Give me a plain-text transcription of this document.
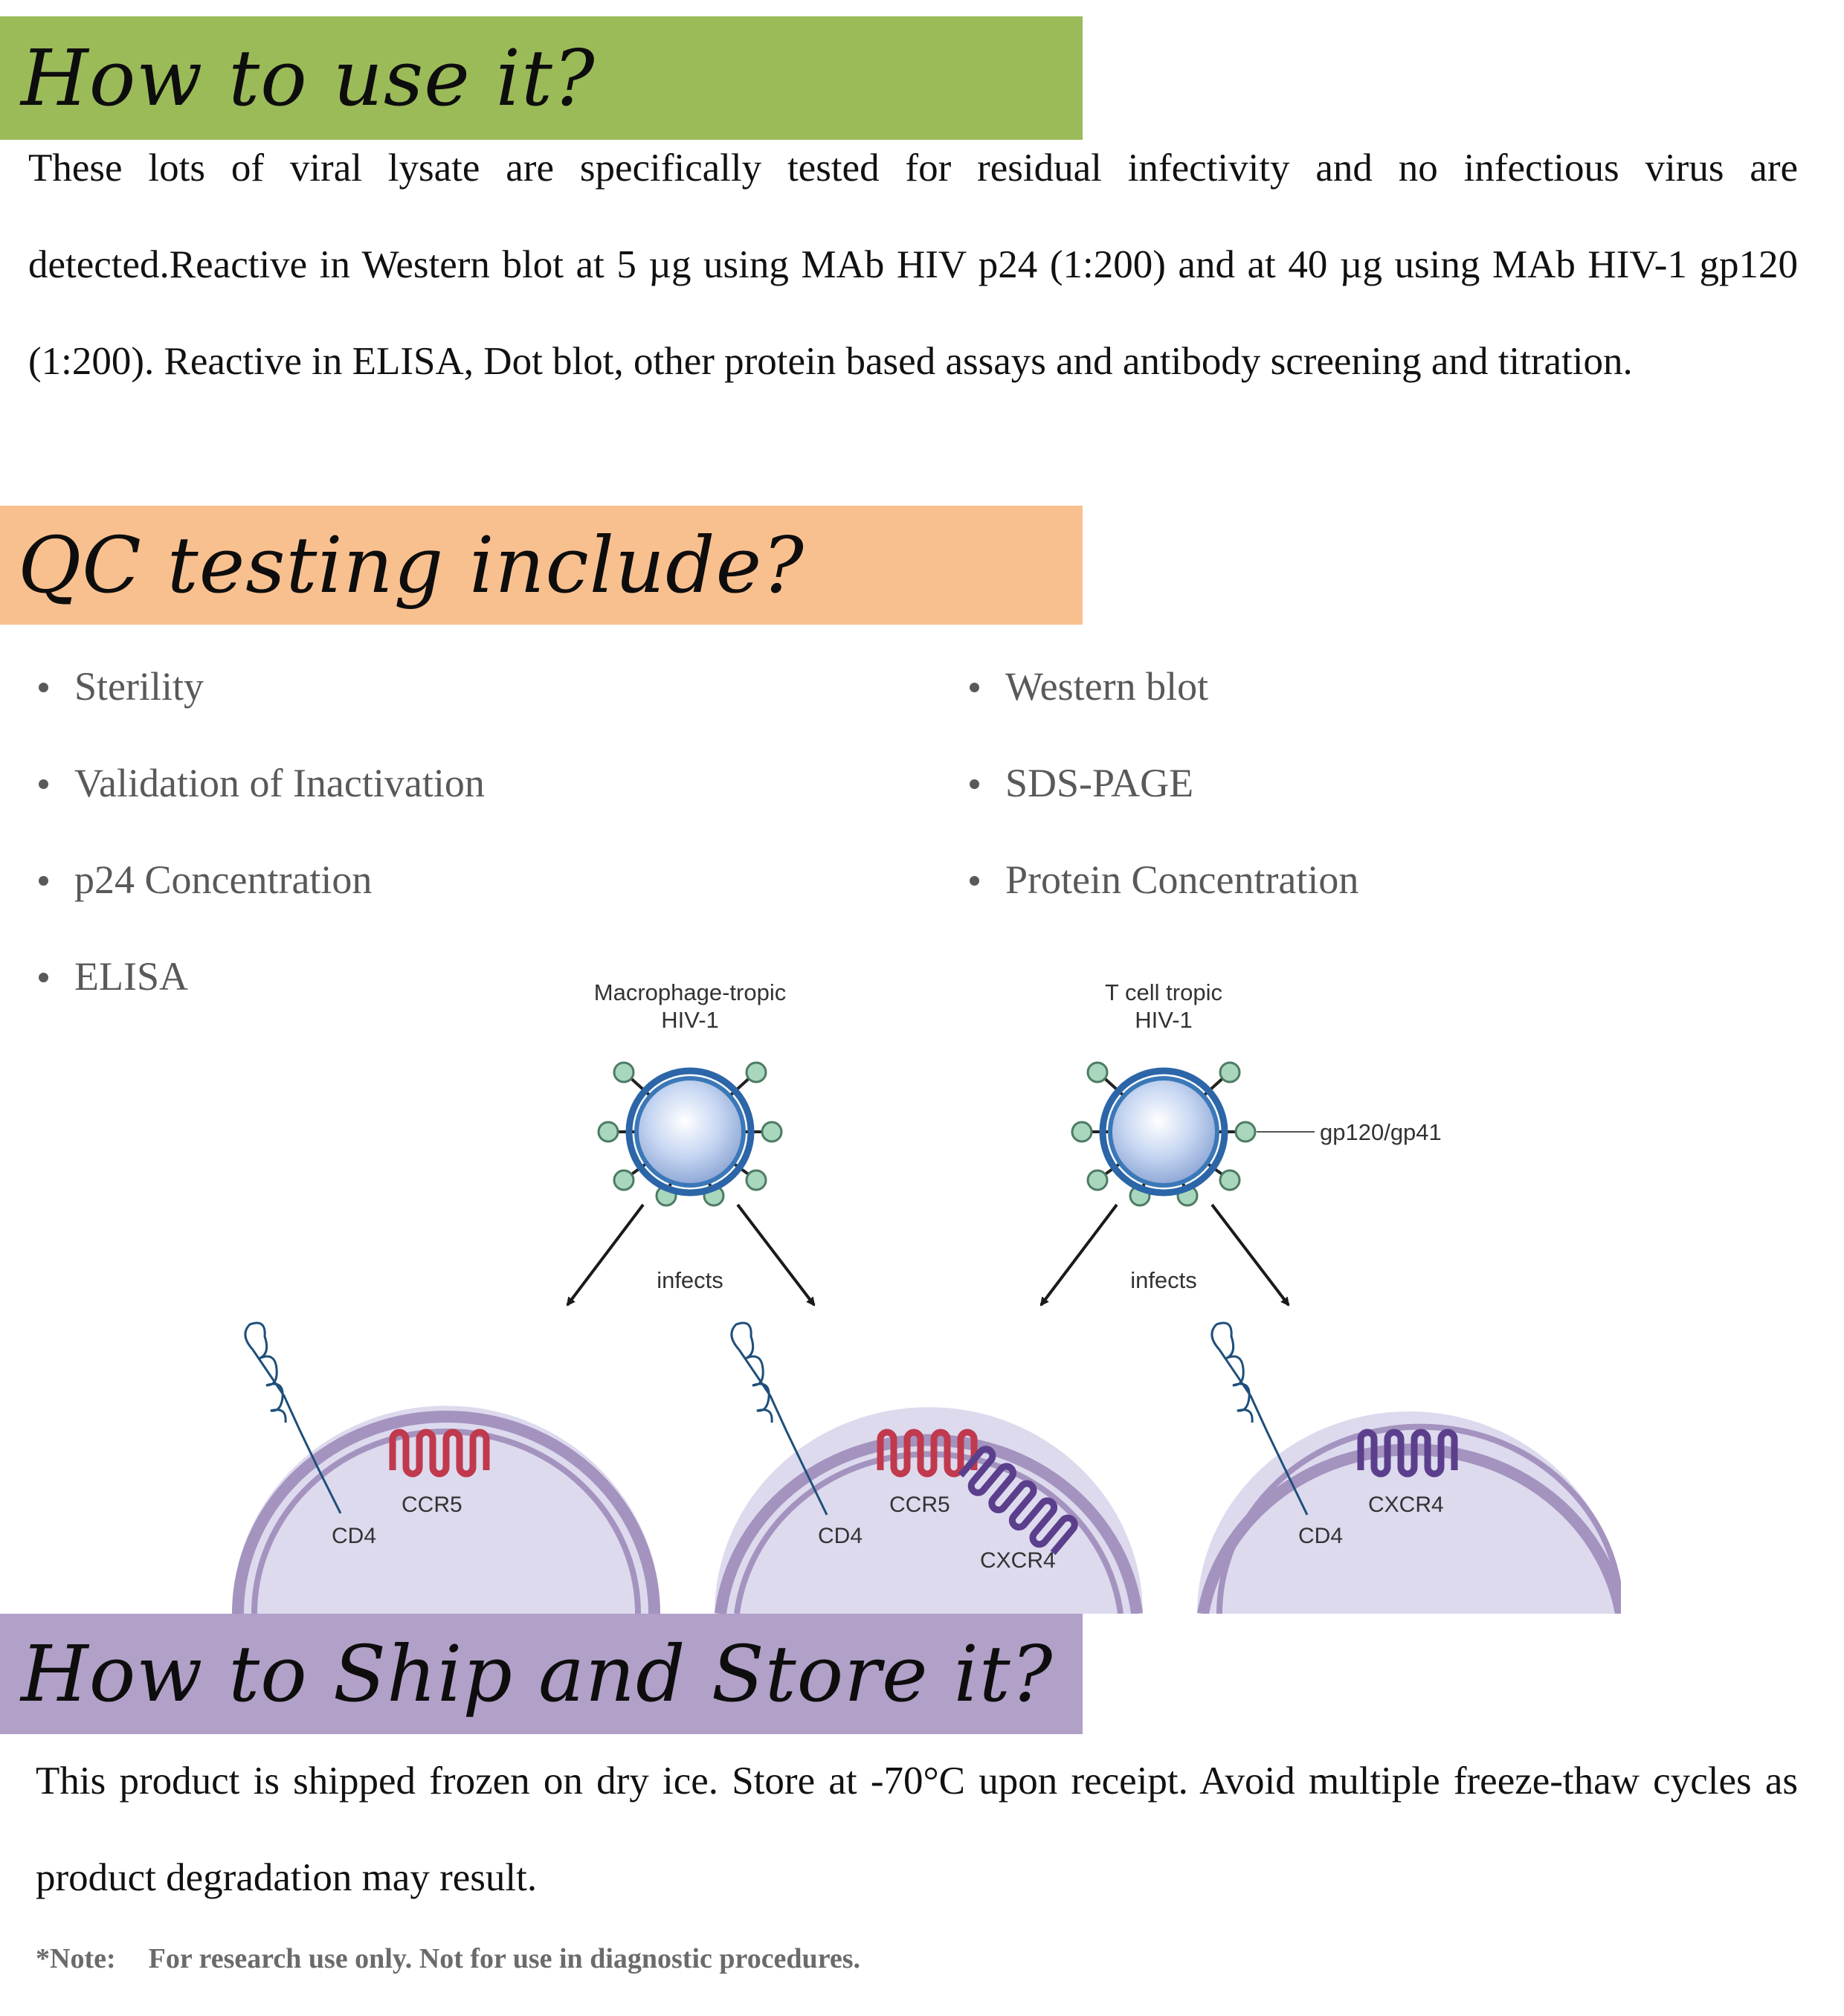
How to use it?

These lots of viral lysate are specifically tested for residual infectivity and no infectious virus are detected.Reactive in Western blot at 5 µg using MAb HIV p24 (1:200) and at 40 µg using MAb HIV-1 gp120 (1:200). Reactive in ELISA, Dot blot, other protein based assays and antibody screening and titration.

QC testing include?
Sterility
Validation of Inactivation
p24 Concentration
ELISA
Western blot
SDS-PAGE
Protein Concentration
Macrophage-tropic
HIV-1
T cell tropic
HIV-1
gp120/gp41
infects	infects
CD4
CCR5
CD4
CCR5
CXCR4
CD4
CXCR4
How to Ship and Store it?

This product is shipped frozen on dry ice. Store at -70°C upon receipt. Avoid multiple freeze-thaw cycles as product degradation may result.

*Note: For research use only. Not for use in diagnostic procedures.
